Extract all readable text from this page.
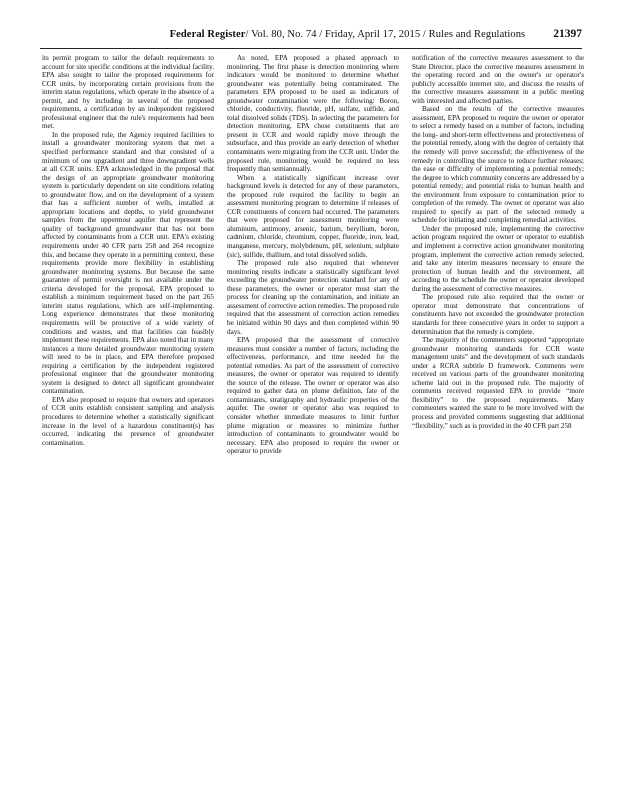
Federal Register/ Vol. 80, No. 74 / Friday, April 17, 2015 / Rules and Regulations 21397

its permit program to tailor the default requirements to account for site specific conditions at the individual facility. EPA also sought to tailor the proposed requirements for CCR units, by incorporating certain provisions from the interim status regulations, which operate in the absence of a permit, and by including in several of the proposed requirements, a certification by an independent registered professional engineer that the rule's requirements had been met.

In the proposed rule, the Agency required facilities to install a groundwater monitoring system that met a specified performance standard and that consisted of a minimum of one upgradient and three downgradient wells at all CCR units. EPA acknowledged in the proposal that the design of an appropriate groundwater monitoring system is particularly dependent on site conditions relating to groundwater flow, and on the development of a system that has a sufficient number of wells, installed at appropriate locations and depths, to yield groundwater samples from the uppermost aquifer that represent the quality of background groundwater that has not been affected by contaminants from a CCR unit. EPA's existing requirements under 40 CFR parts 258 and 264 recognize this, and because they operate in a permitting context, these requirements provide more flexibility in establishing groundwater monitoring systems. But because the same guarantee of permit oversight is not available under the criteria developed for the proposal, EPA proposed to establish a minimum requirement based on the part 265 interim status regulations, which are self-implementing. Long experience demonstrates that these monitoring requirements will be protective of a wide variety of conditions and wastes, and that facilities can feasibly implement these requirements. EPA also noted that in many instances a more detailed groundwater monitoring system will need to be in place, and EPA therefore proposed requiring a certification by the independent registered professional engineer that the groundwater monitoring system is designed to detect all significant groundwater contamination.

EPA also proposed to require that owners and operators of CCR units establish consistent sampling and analysis procedures to determine whether a statistically significant increase in the level of a hazardous constituent(s) has occurred, indicating the presence of groundwater contamination.

As noted, EPA proposed a phased approach to monitoring. The first phase is detection monitoring where indicators would be monitored to determine whether groundwater was potentially being contaminated. The parameters EPA proposed to be used as indicators of groundwater contamination were the following: Boron, chloride, conductivity, fluoride, pH, sulfate, sulfide, and total dissolved solids (TDS). In selecting the parameters for detection monitoring, EPA chose constituents that are present in CCR and would rapidly move through the subsurface, and thus provide an early detection of whether contaminants were migrating from the CCR unit. Under the proposed rule, monitoring would be required no less frequently than semiannually.

When a statistically significant increase over background levels is detected for any of these parameters, the proposed rule required the facility to begin an assessment monitoring program to determine if releases of CCR constituents of concern had occurred. The parameters that were proposed for assessment monitoring were aluminum, antimony, arsenic, barium, beryllium, boron, cadmium, chloride, chromium, copper, fluoride, iron, lead, manganese, mercury, molybdenum, pH, selenium, sulphate (sic), sulfide, thallium, and total dissolved solids.

The proposed rule also required that whenever monitoring results indicate a statistically significant level exceeding the groundwater protection standard for any of these parameters, the owner or operator must start the process for cleaning up the contamination, and initiate an assessment of corrective action remedies. The proposed rule required that the assessment of correction action remedies be initiated within 90 days and then completed within 90 days.

EPA proposed that the assessment of corrective measures must consider a number of factors, including the effectiveness, performance, and time needed for the potential remedies. As part of the assessment of corrective measures, the owner or operator was required to identify the source of the release. The owner or operator was also required to gather data on plume definition, fate of the contaminants, stratigraphy and hydraulic properties of the aquifer. The owner or operator also was required to consider whether immediate measures to limit further plume migration or measures to minimize further introduction of contaminants to groundwater would be necessary. EPA also proposed to require the owner or operator to provide

notification of the corrective measures assessment to the State Director, place the corrective measures assessment in the operating record and on the owner's or operator's publicly accessible internet site, and discuss the results of the corrective measures assessment in a public meeting with interested and affected parties.

Based on the results of the corrective measures assessment, EPA proposed to require the owner or operator to select a remedy based on a number of factors, including the long- and short-term effectiveness and protectiveness of the potential remedy, along with the degree of certainty that the remedy will prove successful; the effectiveness of the remedy in controlling the source to reduce further releases; the ease or difficulty of implementing a potential remedy; the degree to which community concerns are addressed by a potential remedy; and potential risks to human health and the environment from exposure to contamination prior to completion of the remedy. The owner or operator was also required to specify as part of the selected remedy a schedule for initiating and completing remedial activities.

Under the proposed rule, implementing the corrective action program required the owner or operator to establish and implement a corrective action groundwater monitoring program, implement the corrective action remedy selected, and take any interim measures necessary to ensure the protection of human health and the environment, all according to the schedule the owner or operator developed during the assessment of corrective measures.

The proposed rule also required that the owner or operator must demonstrate that concentrations of constituents have not exceeded the groundwater protection standards for three consecutive years in order to support a determination that the remedy is complete.

The majority of the commenters supported “appropriate groundwater monitoring standards for CCR waste management units” and the development of such standards under a RCRA subtitle D framework. Comments were received on various parts of the groundwater monitoring scheme laid out in the proposed rule. The majority of comments received requested EPA to provide “more flexibility” to the proposed requirements. Many commenters wanted the state to be more involved with the process and provided comments suggesting that additional “flexibility,” such as is provided in the 40 CFR part 258
